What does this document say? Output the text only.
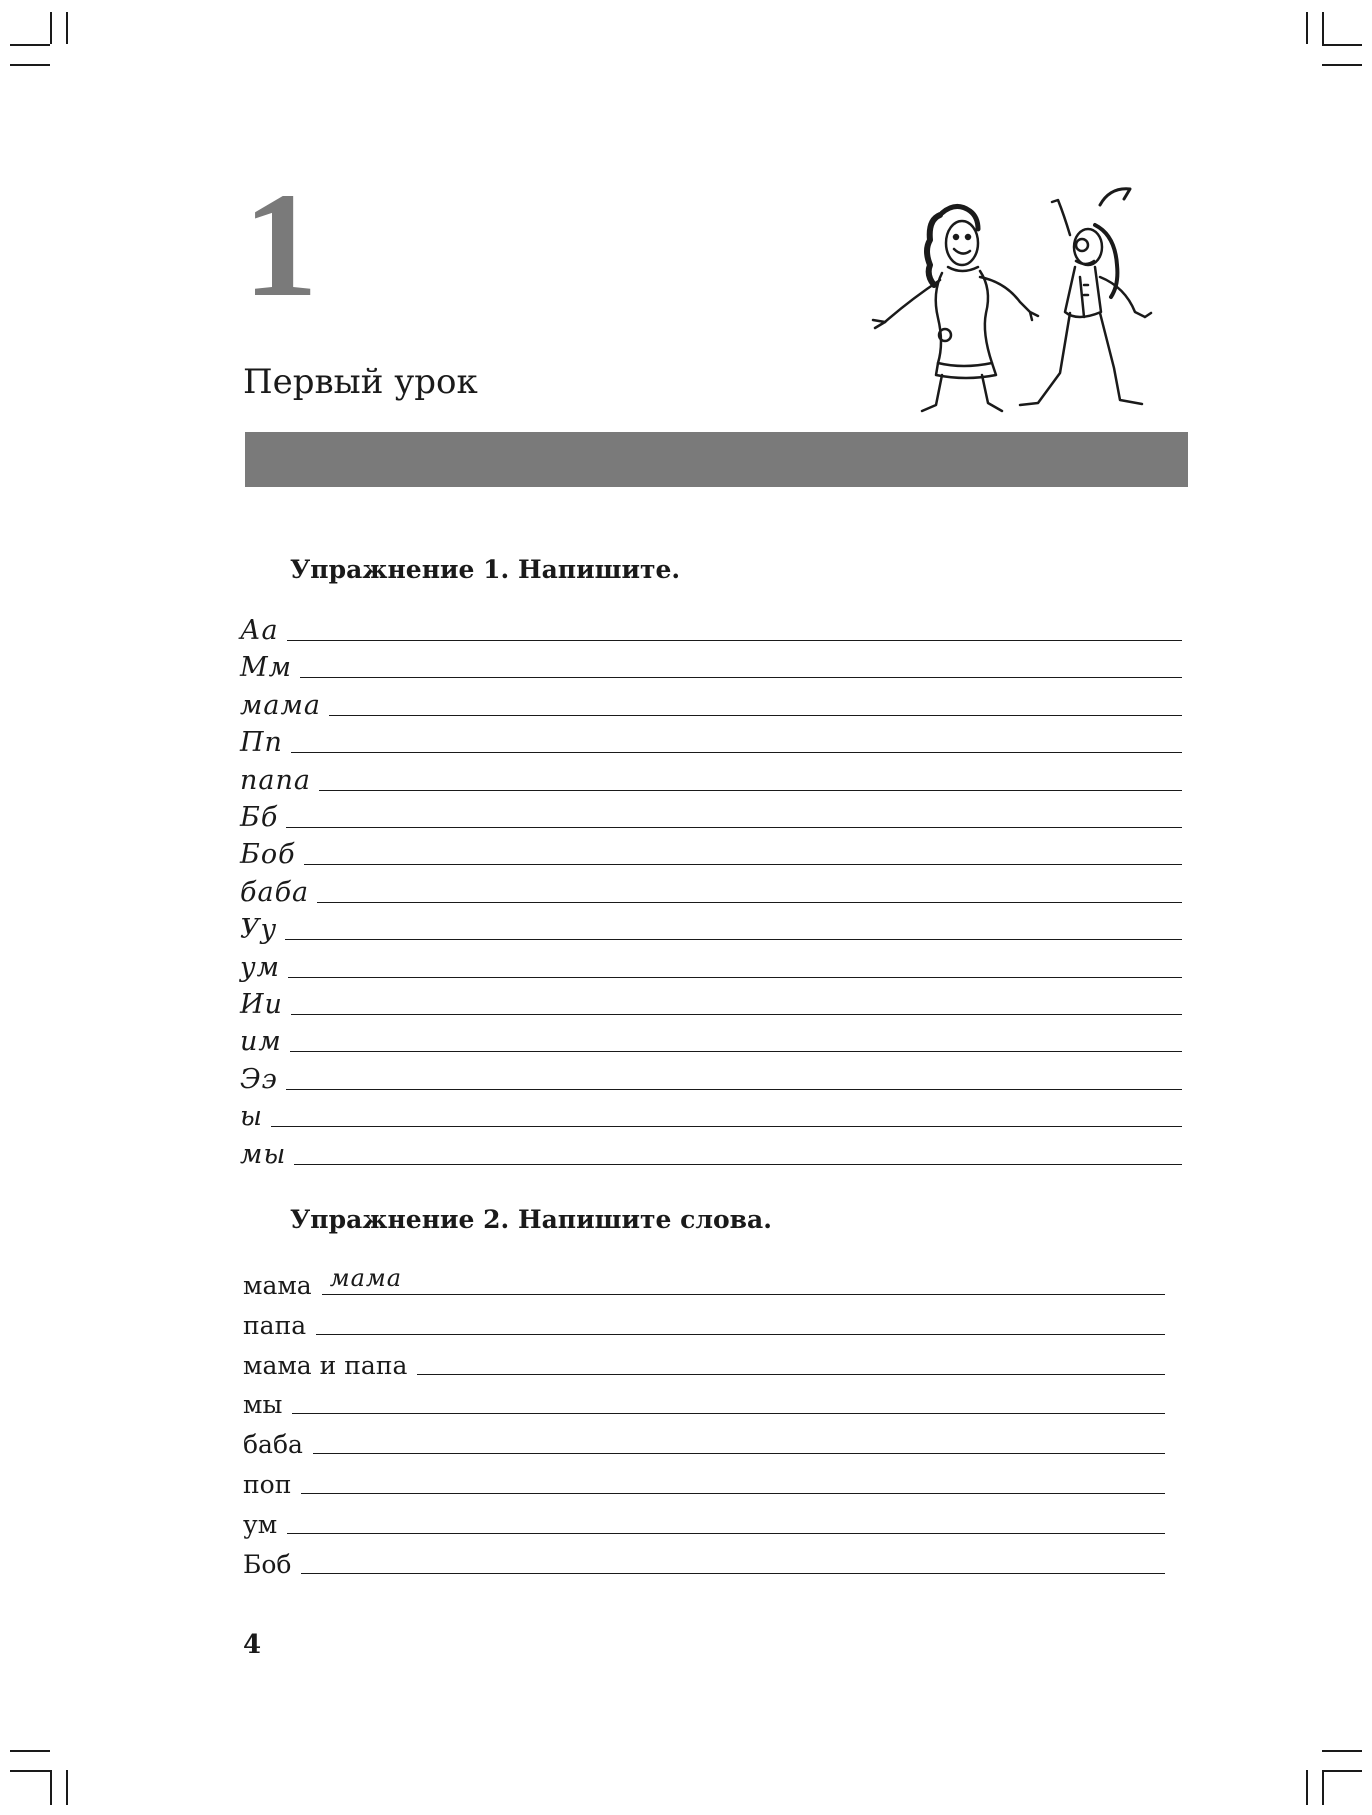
1
Первый урок
Упражнение 1. Напишите.
Аа
Мм
мама
Пп
папа
Бб
Боб
баба
Уу
ум
Ии
им
Ээ
ы
мы
Упражнение 2. Напишите слова.
мама мама
папа
мама и папа
мы
баба
поп
ум
Боб
4
